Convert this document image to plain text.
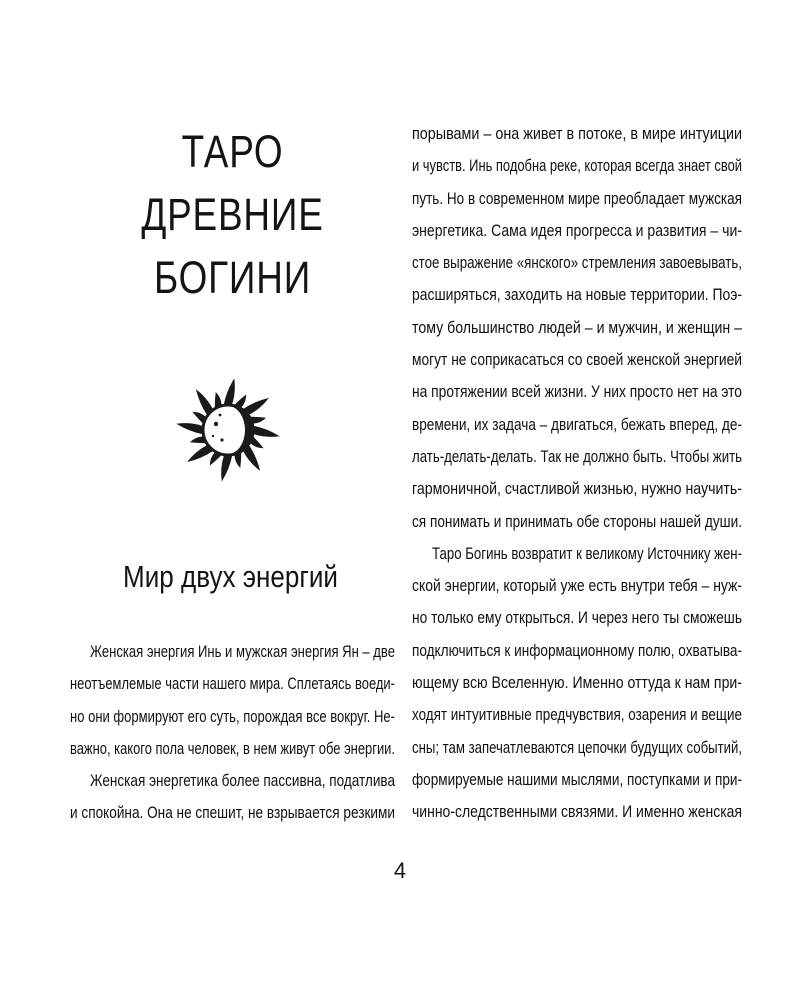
ТАРО
ДРЕВНИЕ
БОГИНИ
Мир двух энергий
Женская энергия Инь и мужская энергия Ян – две
неотъемлемые части нашего мира. Сплетаясь воеди-
но они формируют его суть, порождая все вокруг. Не-
важно, какого пола человек, в нем живут обе энергии.
Женская энергетика более пассивна, податлива
и спокойна. Она не спешит, не взрывается резкими
порывами – она живет в потоке, в мире интуиции
и чувств. Инь подобна реке, которая всегда знает свой
путь. Но в современном мире преобладает мужская
энергетика. Сама идея прогресса и развития – чи-
стое выражение «янского» стремления завоевывать,
расширяться, заходить на новые территории. Поэ-
тому большинство людей – и мужчин, и женщин –
могут не соприкасаться со своей женской энергией
на протяжении всей жизни. У них просто нет на это
времени, их задача – двигаться, бежать вперед, де-
лать-делать-делать. Так не должно быть. Чтобы жить
гармоничной, счастливой жизнью, нужно научить-
ся понимать и принимать обе стороны нашей души.
Таро Богинь возвратит к великому Источнику жен-
ской энергии, который уже есть внутри тебя – нуж-
но только ему открыться. И через него ты сможешь
подключиться к информационному полю, охватыва-
ющему всю Вселенную. Именно оттуда к нам при-
ходят интуитивные предчувствия, озарения и вещие
сны; там запечатлеваются цепочки будущих событий,
формируемые нашими мыслями, поступками и при-
чинно-следственными связями. И именно женская
4
